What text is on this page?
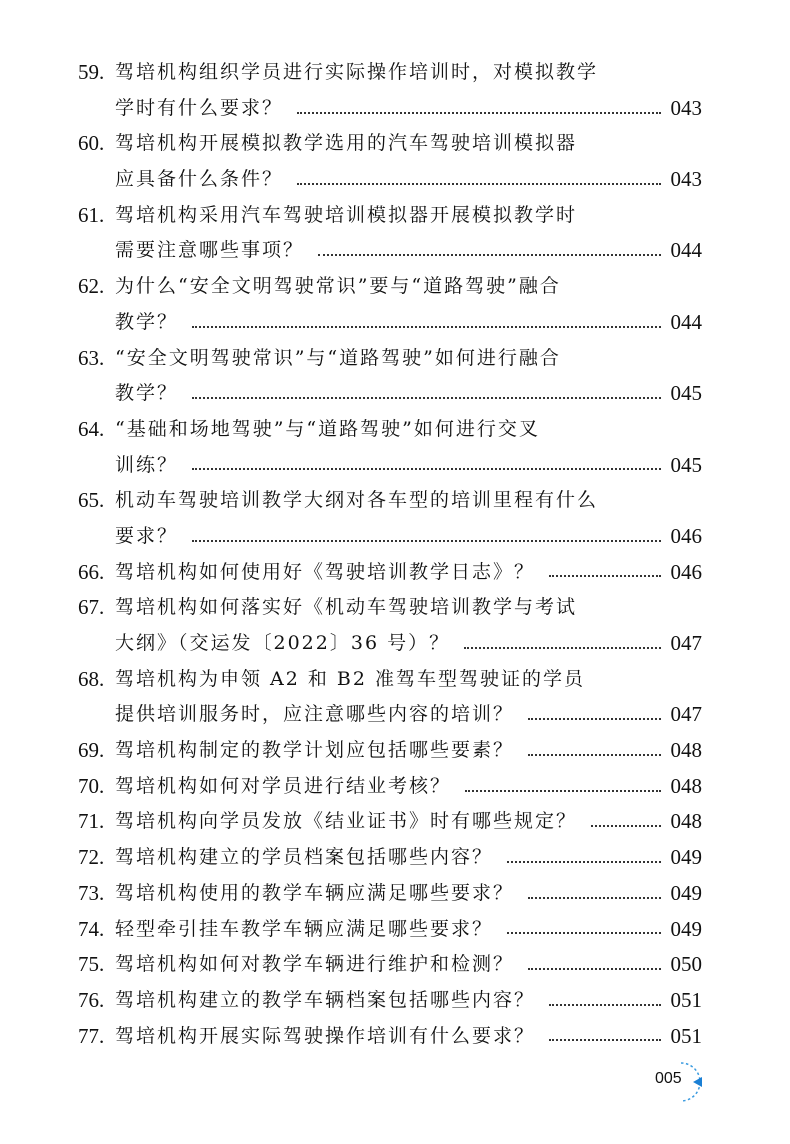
59. 驾培机构组织学员进行实际操作培训时，对模拟教学
学时有什么要求？	043
60. 驾培机构开展模拟教学选用的汽车驾驶培训模拟器
应具备什么条件？	043
61. 驾培机构采用汽车驾驶培训模拟器开展模拟教学时
需要注意哪些事项？	044
62. 为什么“安全文明驾驶常识”要与“道路驾驶”融合
教学？	044
63. “安全文明驾驶常识”与“道路驾驶”如何进行融合
教学？	045
64. “基础和场地驾驶”与“道路驾驶”如何进行交叉
训练？	045
65. 机动车驾驶培训教学大纲对各车型的培训里程有什么
要求？	046
66. 驾培机构如何使用好《驾驶培训教学日志》？	046
67. 驾培机构如何落实好《机动车驾驶培训教学与考试
大纲》（交运发〔2022〕36 号）？	047
68. 驾培机构为申领 A2 和 B2 准驾车型驾驶证的学员
提供培训服务时，应注意哪些内容的培训？	047
69. 驾培机构制定的教学计划应包括哪些要素？	048
70. 驾培机构如何对学员进行结业考核？	048
71. 驾培机构向学员发放《结业证书》时有哪些规定？	048
72. 驾培机构建立的学员档案包括哪些内容？	049
73. 驾培机构使用的教学车辆应满足哪些要求？	049
74. 轻型牵引挂车教学车辆应满足哪些要求？	049
75. 驾培机构如何对教学车辆进行维护和检测？	050
76. 驾培机构建立的教学车辆档案包括哪些内容？	051
77. 驾培机构开展实际驾驶操作培训有什么要求？	051
005
